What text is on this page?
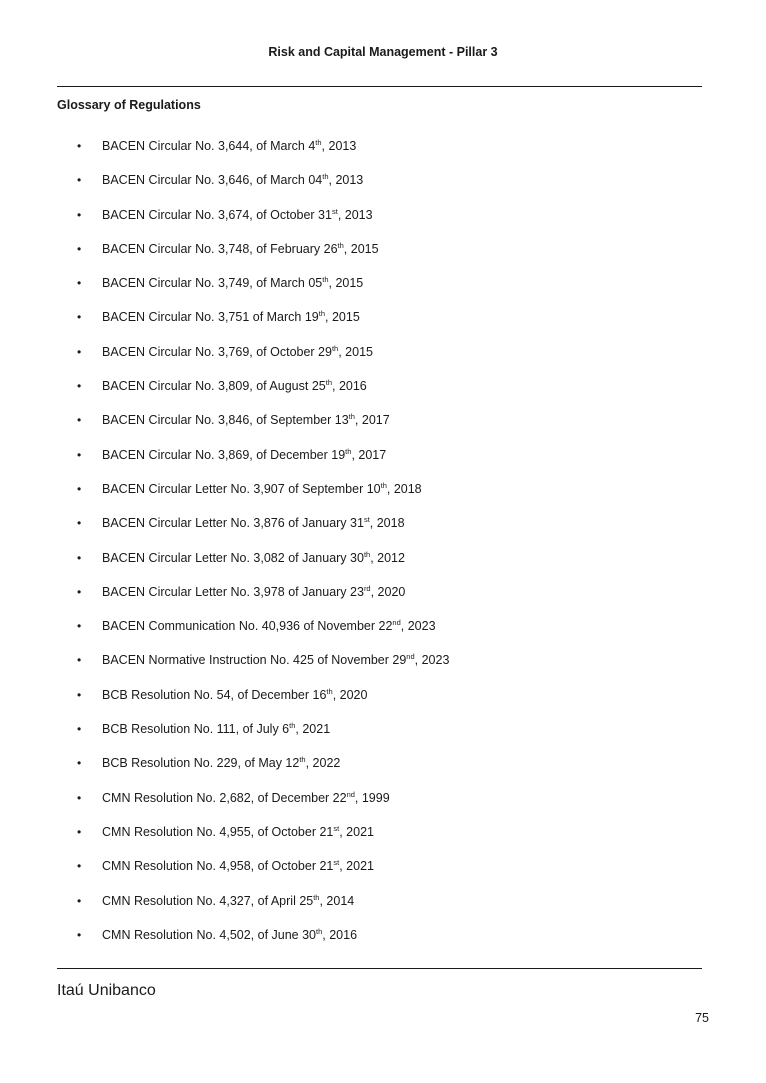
Risk and Capital Management - Pillar 3
Glossary of Regulations
• BACEN Circular No. 3,644, of March 4th, 2013
• BACEN Circular No. 3,646, of March 04th, 2013
• BACEN Circular No. 3,674, of October 31st, 2013
• BACEN Circular No. 3,748, of February 26th, 2015
• BACEN Circular No. 3,749, of March 05th, 2015
• BACEN Circular No. 3,751 of March 19th, 2015
• BACEN Circular No. 3,769, of October 29th, 2015
• BACEN Circular No. 3,809, of August 25th, 2016
• BACEN Circular No. 3,846, of September 13th, 2017
• BACEN Circular No. 3,869, of December 19th, 2017
• BACEN Circular Letter No. 3,907 of September 10th, 2018
• BACEN Circular Letter No. 3,876 of January 31st, 2018
• BACEN Circular Letter No. 3,082 of January 30th, 2012
• BACEN Circular Letter No. 3,978 of January 23rd, 2020
• BACEN Communication No. 40,936 of November 22nd, 2023
• BACEN Normative Instruction No. 425 of November 29nd, 2023
• BCB Resolution No. 54, of December 16th, 2020
• BCB Resolution No. 111, of July 6th, 2021
• BCB Resolution No. 229, of May 12th, 2022
• CMN Resolution No. 2,682, of December 22nd, 1999
• CMN Resolution No. 4,955, of October 21st, 2021
• CMN Resolution No. 4,958, of October 21st, 2021
• CMN Resolution No. 4,327, of April 25th, 2014
• CMN Resolution No. 4,502, of June 30th, 2016
Itaú Unibanco
75
